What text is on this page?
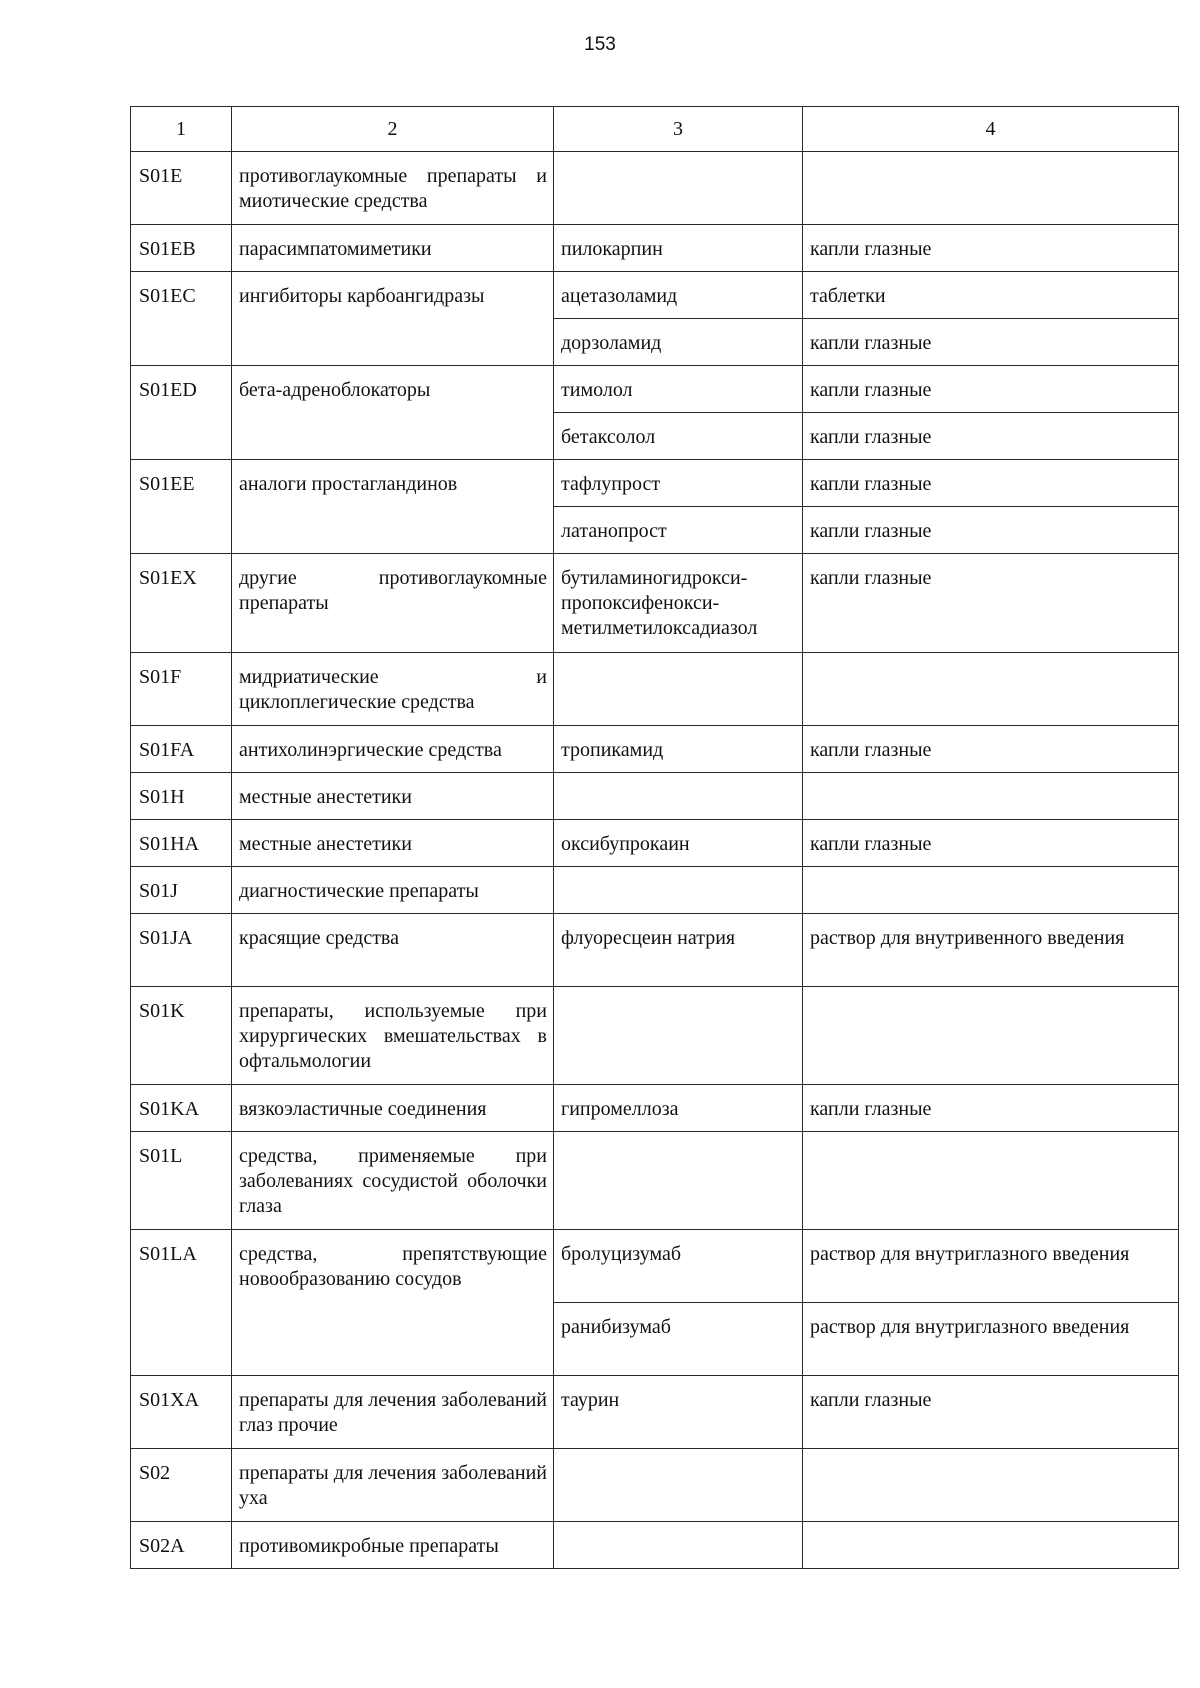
153
1	2	3	4
S01E	противоглаукомные препараты и миотические средства		
S01EB	парасимпатомиметики	пилокарпин	капли глазные
S01EC	ингибиторы карбоангидразы	ацетазоламид	таблетки
		дорзоламид	капли глазные
S01ED	бета-адреноблокаторы	тимолол	капли глазные
		бетаксолол	капли глазные
S01EE	аналоги простагландинов	тафлупрост	капли глазные
		латанопрост	капли глазные
S01EX	другие противоглаукомные препараты	бутиламиногидрокси-пропоксифенокси-метилметилоксадиазол	капли глазные
S01F	мидриатические и циклоплегические средства		
S01FA	антихолинэргические средства	тропикамид	капли глазные
S01H	местные анестетики		
S01HA	местные анестетики	оксибупрокаин	капли глазные
S01J	диагностические препараты		
S01JA	красящие средства	флуоресцеин натрия	раствор для внутривенного введения
S01K	препараты, используемые при хирургических вмешательствах в офтальмологии		
S01KA	вязкоэластичные соединения	гипромеллоза	капли глазные
S01L	средства, применяемые при заболеваниях сосудистой оболочки глаза		
S01LA	средства, препятствующие новообразованию сосудов	бролуцизумаб	раствор для внутриглазного введения
		ранибизумаб	раствор для внутриглазного введения
S01XA	препараты для лечения заболеваний глаз прочие	таурин	капли глазные
S02	препараты для лечения заболеваний уха		
S02A	противомикробные препараты		
